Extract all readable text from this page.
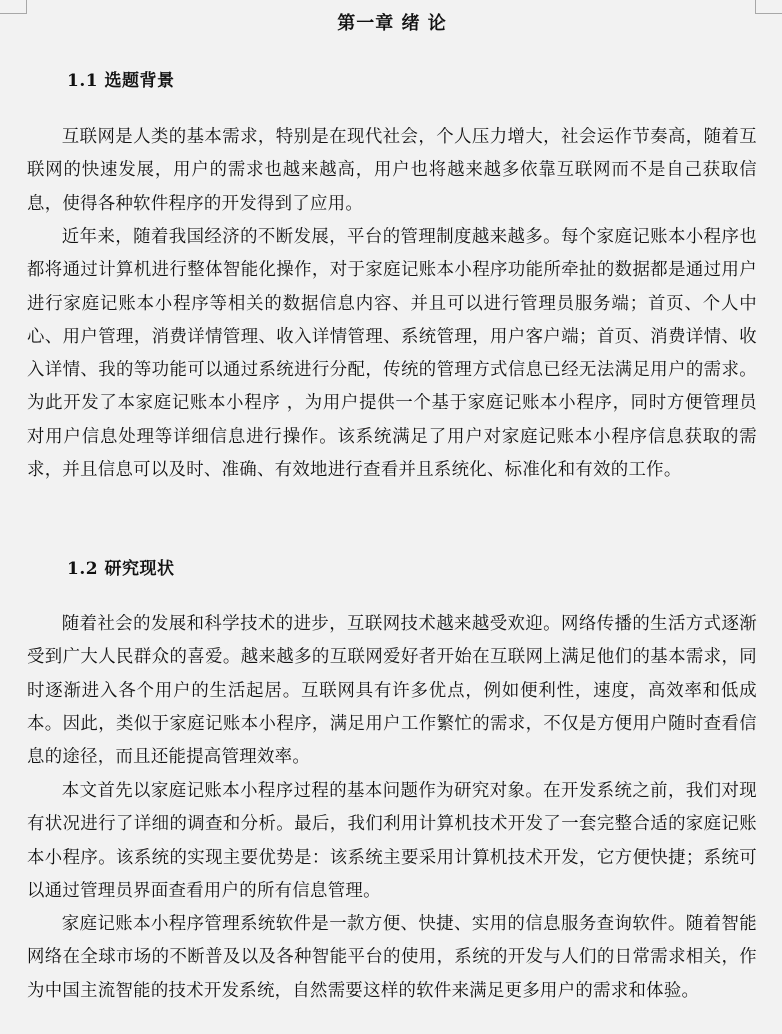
第一章 绪 论
1.1 选题背景
互联网是人类的基本需求，特别是在现代社会，个人压力增大，社会运作节奏高，随着互联网的快速发展，用户的需求也越来越高，用户也将越来越多依靠互联网而不是自己获取信息，使得各种软件程序的开发得到了应用。
近年来，随着我国经济的不断发展，平台的管理制度越来越多。每个家庭记账本小程序也都将通过计算机进行整体智能化操作，对于家庭记账本小程序功能所牵扯的数据都是通过用户进行家庭记账本小程序等相关的数据信息内容、并且可以进行管理员服务端；首页、个人中心、用户管理，消费详情管理、收入详情管理、系统管理，用户客户端；首页、消费详情、收入详情、我的等功能可以通过系统进行分配，传统的管理方式信息已经无法满足用户的需求。为此开发了本家庭记账本小程序 ，为用户提供一个基于家庭记账本小程序，同时方便管理员对用户信息处理等详细信息进行操作。该系统满足了用户对家庭记账本小程序信息获取的需求，并且信息可以及时、准确、有效地进行查看并且系统化、标准化和有效的工作。
1.2 研究现状
随着社会的发展和科学技术的进步，互联网技术越来越受欢迎。网络传播的生活方式逐渐受到广大人民群众的喜爱。越来越多的互联网爱好者开始在互联网上满足他们的基本需求，同时逐渐进入各个用户的生活起居。互联网具有许多优点，例如便利性，速度，高效率和低成本。因此，类似于家庭记账本小程序，满足用户工作繁忙的需求，不仅是方便用户随时查看信息的途径，而且还能提高管理效率。
本文首先以家庭记账本小程序过程的基本问题作为研究对象。在开发系统之前，我们对现有状况进行了详细的调查和分析。最后，我们利用计算机技术开发了一套完整合适的家庭记账本小程序。该系统的实现主要优势是：该系统主要采用计算机技术开发，它方便快捷；系统可以通过管理员界面查看用户的所有信息管理。
家庭记账本小程序管理系统软件是一款方便、快捷、实用的信息服务查询软件。随着智能网络在全球市场的不断普及以及各种智能平台的使用，系统的开发与人们的日常需求相关，作为中国主流智能的技术开发系统，自然需要这样的软件来满足更多用户的需求和体验。
